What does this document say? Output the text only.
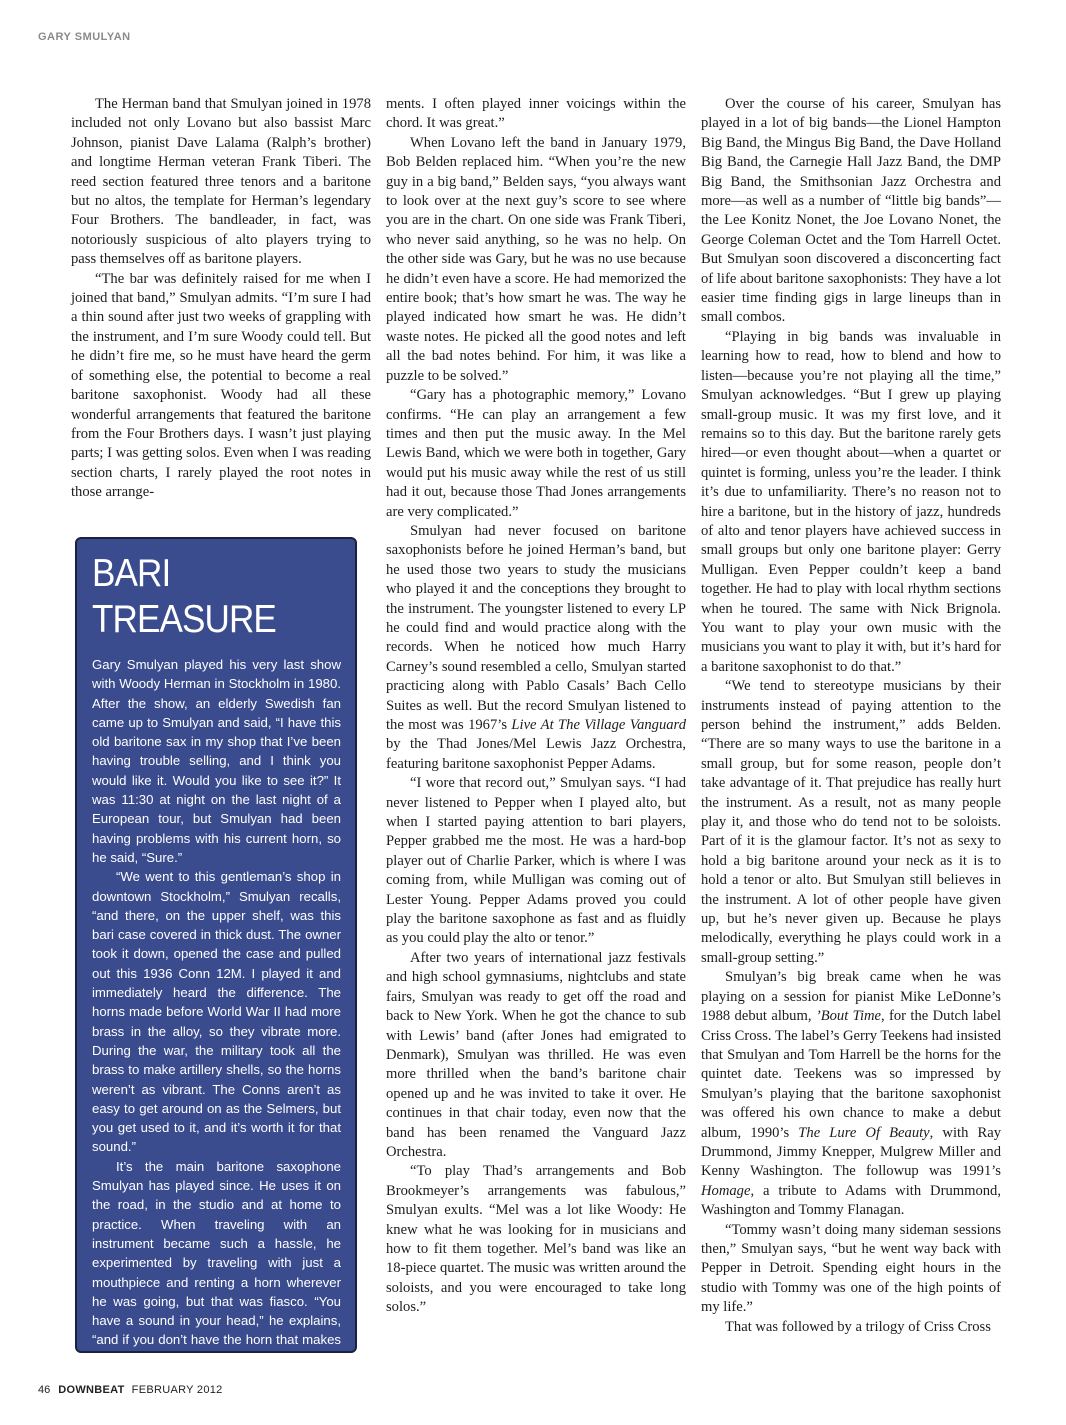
GARY SMULYAN

The Herman band that Smulyan joined in 1978 included not only Lovano but also bassist Marc Johnson, pianist Dave Lalama (Ralph’s brother) and longtime Herman veteran Frank Tiberi. The reed section featured three tenors and a baritone but no altos, the template for Herman’s legendary Four Brothers. The bandleader, in fact, was notoriously suspicious of alto players trying to pass themselves off as baritone players.

“The bar was definitely raised for me when I joined that band,” Smulyan admits. “I’m sure I had a thin sound after just two weeks of grappling with the instrument, and I’m sure Woody could tell. But he didn’t fire me, so he must have heard the germ of something else, the potential to become a real baritone saxophonist. Woody had all these wonderful arrangements that featured the baritone from the Four Brothers days. I wasn’t just playing parts; I was getting solos. Even when I was reading section charts, I rarely played the root notes in those arrange-

ments. I often played inner voicings within the chord. It was great.”

When Lovano left the band in January 1979, Bob Belden replaced him. “When you’re the new guy in a big band,” Belden says, “you always want to look over at the next guy’s score to see where you are in the chart. On one side was Frank Tiberi, who never said anything, so he was no help. On the other side was Gary, but he was no use because he didn’t even have a score. He had memorized the entire book; that’s how smart he was. The way he played indicated how smart he was. He didn’t waste notes. He picked all the good notes and left all the bad notes behind. For him, it was like a puzzle to be solved.”

“Gary has a photographic memory,” Lovano confirms. “He can play an arrangement a few times and then put the music away. In the Mel Lewis Band, which we were both in together, Gary would put his music away while the rest of us still had it out, because those Thad Jones arrangements are very complicated.”

Smulyan had never focused on baritone saxophonists before he joined Herman’s band, but he used those two years to study the musicians who played it and the conceptions they brought to the instrument. The youngster listened to every LP he could find and would practice along with the records. When he noticed how much Harry Carney’s sound resembled a cello, Smulyan started practicing along with Pablo Casals’ Bach Cello Suites as well. But the record Smulyan listened to the most was 1967’s Live At The Village Vanguard by the Thad Jones/Mel Lewis Jazz Orchestra, featuring baritone saxophonist Pepper Adams.

“I wore that record out,” Smulyan says. “I had never listened to Pepper when I played alto, but when I started paying attention to bari players, Pepper grabbed me the most. He was a hard-bop player out of Charlie Parker, which is where I was coming from, while Mulligan was coming out of Lester Young. Pepper Adams proved you could play the baritone saxophone as fast and as fluidly as you could play the alto or tenor.”

After two years of international jazz festivals and high school gymnasiums, nightclubs and state fairs, Smulyan was ready to get off the road and back to New York. When he got the chance to sub with Lewis’ band (after Jones had emigrated to Denmark), Smulyan was thrilled. He was even more thrilled when the band’s baritone chair opened up and he was invited to take it over. He continues in that chair today, even now that the band has been renamed the Vanguard Jazz Orchestra.

“To play Thad’s arrangements and Bob Brookmeyer’s arrangements was fabulous,” Smulyan exults. “Mel was a lot like Woody: He knew what he was looking for in musicians and how to fit them together. Mel’s band was like an 18-piece quartet. The music was written around the soloists, and you were encouraged to take long solos.”

Over the course of his career, Smulyan has played in a lot of big bands—the Lionel Hampton Big Band, the Mingus Big Band, the Dave Holland Big Band, the Carnegie Hall Jazz Band, the DMP Big Band, the Smithsonian Jazz Orchestra and more—as well as a number of “little big bands”—the Lee Konitz Nonet, the Joe Lovano Nonet, the George Coleman Octet and the Tom Harrell Octet. But Smulyan soon discovered a disconcerting fact of life about baritone saxophonists: They have a lot easier time finding gigs in large lineups than in small combos.

“Playing in big bands was invaluable in learning how to read, how to blend and how to listen—because you’re not playing all the time,” Smulyan acknowledges. “But I grew up playing small-group music. It was my first love, and it remains so to this day. But the baritone rarely gets hired—or even thought about—when a quartet or quintet is forming, unless you’re the leader. I think it’s due to unfamiliarity. There’s no reason not to hire a baritone, but in the history of jazz, hundreds of alto and tenor players have achieved success in small groups but only one baritone player: Gerry Mulligan. Even Pepper couldn’t keep a band together. He had to play with local rhythm sections when he toured. The same with Nick Brignola. You want to play your own music with the musicians you want to play it with, but it’s hard for a baritone saxophonist to do that.”

“We tend to stereotype musicians by their instruments instead of paying attention to the person behind the instrument,” adds Belden. “There are so many ways to use the baritone in a small group, but for some reason, people don’t take advantage of it. That prejudice has really hurt the instrument. As a result, not as many people play it, and those who do tend not to be soloists. Part of it is the glamour factor. It’s not as sexy to hold a big baritone around your neck as it is to hold a tenor or alto. But Smulyan still believes in the instrument. A lot of other people have given up, but he’s never given up. Because he plays melodically, everything he plays could work in a small-group setting.”

Smulyan’s big break came when he was playing on a session for pianist Mike LeDonne’s 1988 debut album, ’Bout Time, for the Dutch label Criss Cross. The label’s Gerry Teekens had insisted that Smulyan and Tom Harrell be the horns for the quintet date. Teekens was so impressed by Smulyan’s playing that the baritone saxophonist was offered his own chance to make a debut album, 1990’s The Lure Of Beauty, with Ray Drummond, Jimmy Knepper, Mulgrew Miller and Kenny Washington. The followup was 1991’s Homage, a tribute to Adams with Drummond, Washington and Tommy Flanagan.

“Tommy wasn’t doing many sideman sessions then,” Smulyan says, “but he went way back with Pepper in Detroit. Spending eight hours in the studio with Tommy was one of the high points of my life.”

That was followed by a trilogy of Criss Cross

BARI TREASURE

Gary Smulyan played his very last show with Woody Herman in Stockholm in 1980. After the show, an elderly Swedish fan came up to Smulyan and said, “I have this old baritone sax in my shop that I’ve been having trouble selling, and I think you would like it. Would you like to see it?” It was 11:30 at night on the last night of a European tour, but Smulyan had been having problems with his current horn, so he said, “Sure.”

“We went to this gentleman’s shop in downtown Stockholm,” Smulyan recalls, “and there, on the upper shelf, was this bari case covered in thick dust. The owner took it down, opened the case and pulled out this 1936 Conn 12M. I played it and immediately heard the difference. The horns made before World War II had more brass in the alloy, so they vibrate more. During the war, the military took all the brass to make artillery shells, so the horns weren’t as vibrant. The Conns aren’t as easy to get around on as the Selmers, but you get used to it, and it’s worth it for that sound.”

It’s the main baritone saxophone Smulyan has played since. He uses it on the road, in the studio and at home to practice. When traveling with an instrument became such a hassle, he experimented by traveling with just a mouthpiece and renting a horn wherever he was going, but that was fiasco. “You have a sound in your head,” he explains, “and if you don’t have the horn that makes that sound, you’re not happy.”

—Geoffrey Himes

46 DOWNBEAT FEBRUARY 2012
